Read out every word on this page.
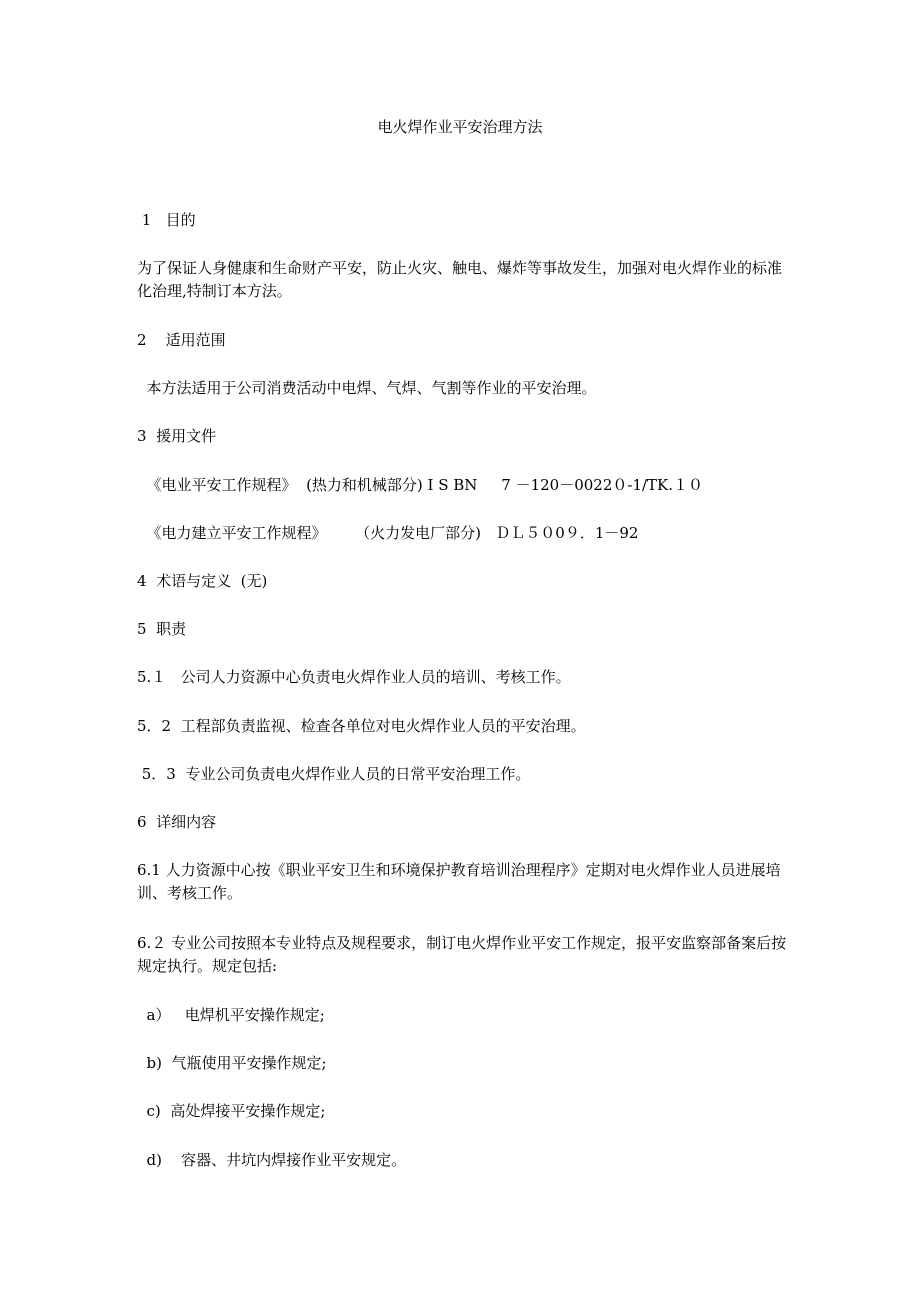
电火焊作业平安治理方法
1   目的
为了保证人身健康和生命财产平安，防止火灾、触电、爆炸等事故发生，加强对电火焊作业的标准化治理,特制订本方法。
2    适用范围
本方法适用于公司消费活动中电焊、气焊、气割等作业的平安治理。
3  援用文件
《电业平安工作规程》  (热力和机械部分) I S BN     7 －120－0022０-1/TK.１０
《电力建立平安工作规程》      （火力发电厂部分)   ＤＬ５０0９．1－92
4  术语与定义  (无)
5  职责
5.１   公司人力资源中心负责电火焊作业人员的培训、考核工作。
5．2  工程部负责监视、检查各单位对电火焊作业人员的平安治理。
5．3  专业公司负责电火焊作业人员的日常平安治理工作。
6  详细内容
6.1 人力资源中心按《职业平安卫生和环境保护教育培训治理程序》定期对电火焊作业人员进展培训、考核工作。
6.２ 专业公司按照本专业特点及规程要求，制订电火焊作业平安工作规定，报平安监察部备案后按规定执行。规定包括:
a）   电焊机平安操作规定;
b)  气瓶使用平安操作规定;
c)  高处焊接平安操作规定;
d)    容器、井坑内焊接作业平安规定。
